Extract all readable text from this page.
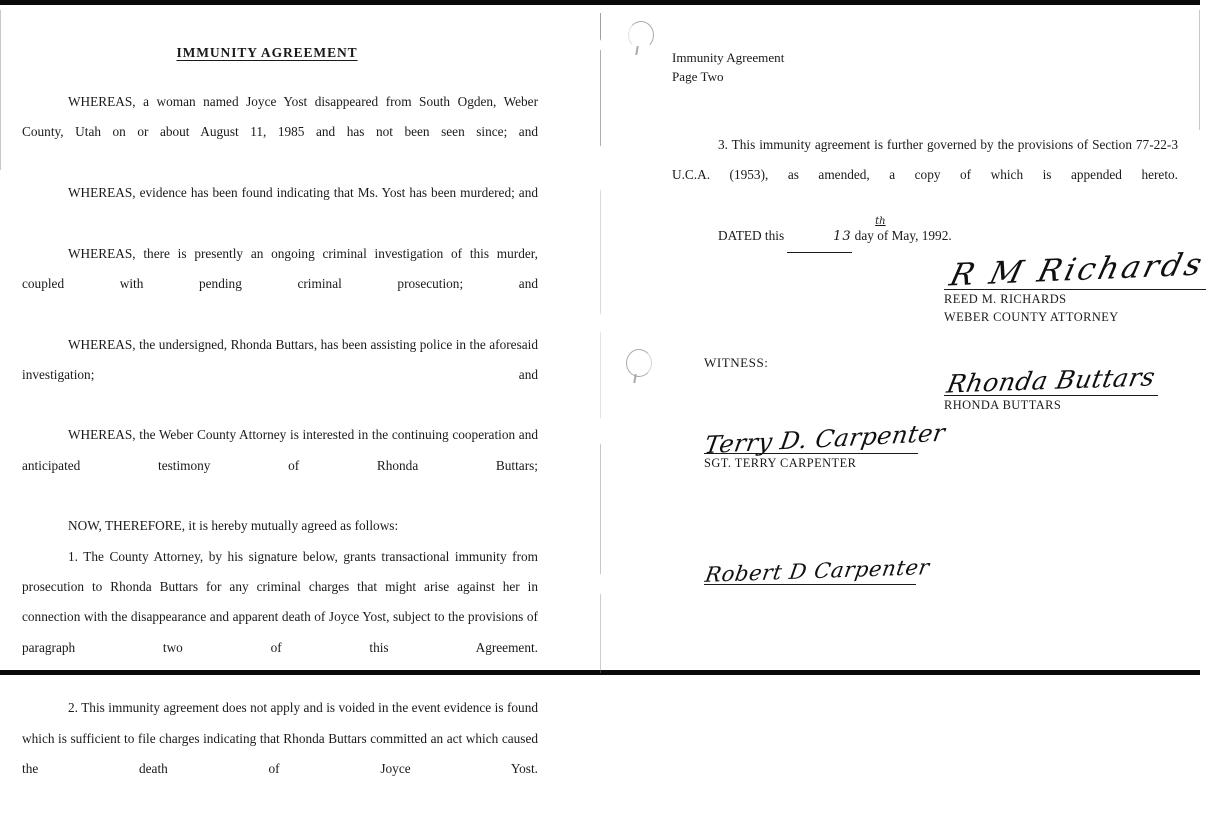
IMMUNITY AGREEMENT

WHEREAS, a woman named Joyce Yost disappeared from South Ogden, Weber County, Utah on or about August 11, 1985 and has not been seen since; and

WHEREAS, evidence has been found indicating that Ms. Yost has been murdered; and

WHEREAS, there is presently an ongoing criminal investigation of this murder, coupled with pending criminal prosecution; and

WHEREAS, the undersigned, Rhonda Buttars, has been assisting police in the aforesaid investigation; and

WHEREAS, the Weber County Attorney is interested in the continuing cooperation and anticipated testimony of Rhonda Buttars;

NOW, THEREFORE, it is hereby mutually agreed as follows:

1. The County Attorney, by his signature below, grants transactional immunity from prosecution to Rhonda Buttars for any criminal charges that might arise against her in connection with the disappearance and apparent death of Joyce Yost, subject to the provisions of paragraph two of this Agreement.

2. This immunity agreement does not apply and is voided in the event evidence is found which is sufficient to file charges indicating that Rhonda Buttars committed an act which caused the death of Joyce Yost.

Immunity Agreement
Page Two

3. This immunity agreement is further governed by the provisions of Section 77-22-3 U.C.A. (1953), as amended, a copy of which is appended hereto.

DATED this	13
th
day of May, 1992.

R M Richards
REED M. RICHARDS
WEBER COUNTY ATTORNEY
Rhonda Buttars
RHONDA BUTTARS
WITNESS:
Terry D. Carpenter
SGT. TERRY CARPENTER
Robert D Carpenter
